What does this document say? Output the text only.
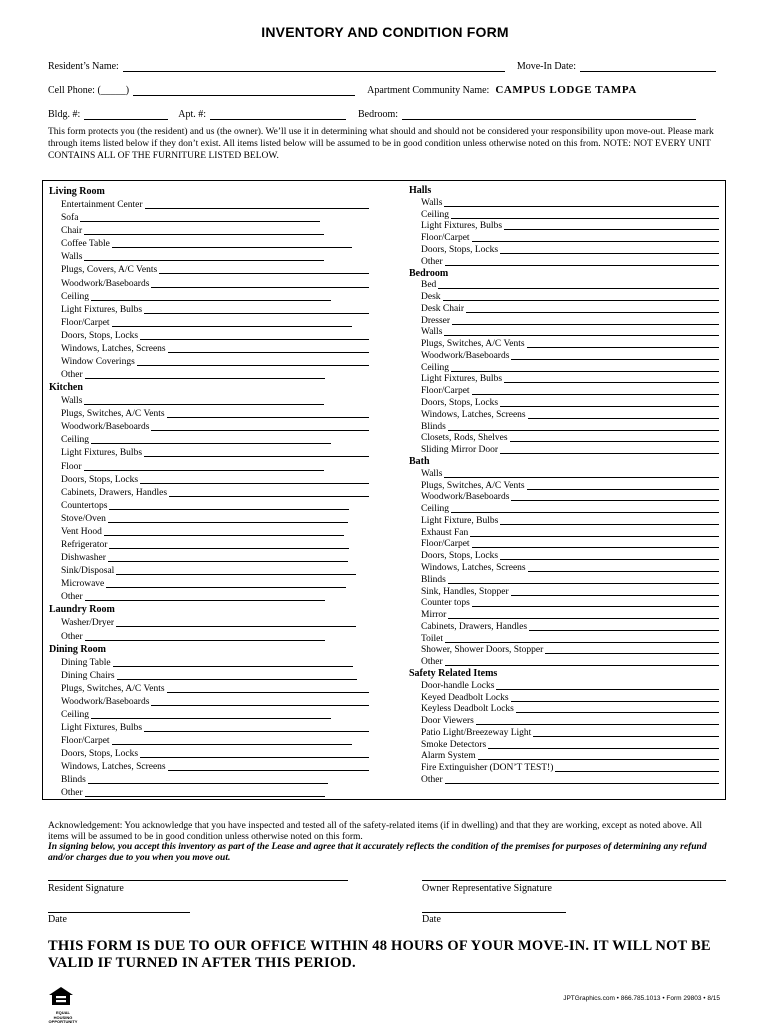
INVENTORY AND CONDITION FORM
Resident’s Name:	Move-In Date:
Cell Phone: (_____)	Apartment Community Name: CAMPUS LODGE TAMPA
Bldg. #:	Apt. #:	Bedroom:
This form protects you (the resident) and us (the owner). We’ll use it in determining what should and should not be considered your responsibility upon move-out. Please mark through items listed below if they don’t exist. All items listed below will be assumed to be in good condition unless otherwise noted on this from. NOTE: NOT EVERY UNIT CONTAINS ALL OF THE FURNITURE LISTED BELOW.
Living Room
Entertainment Center
Sofa
Chair
Coffee Table
Walls
Plugs, Covers, A/C Vents
Woodwork/Baseboards
Ceiling
Light Fixtures, Bulbs
Floor/Carpet
Doors, Stops, Locks
Windows, Latches, Screens
Window Coverings
Other
Kitchen
Walls
Plugs, Switches, A/C Vents
Woodwork/Baseboards
Ceiling
Light Fixtures, Bulbs
Floor
Doors, Stops, Locks
Cabinets, Drawers, Handles
Countertops
Stove/Oven
Vent Hood
Refrigerator
Dishwasher
Sink/Disposal
Microwave
Other
Laundry Room
Washer/Dryer
Other
Dining Room
Dining Table
Dining Chairs
Plugs, Switches, A/C Vents
Woodwork/Baseboards
Ceiling
Light Fixtures, Bulbs
Floor/Carpet
Doors, Stops, Locks
Windows, Latches, Screens
Blinds
Other
Halls
Walls
Ceiling
Light Fixtures, Bulbs
Floor/Carpet
Doors, Stops, Locks
Other
Bedroom
Bed
Desk
Desk Chair
Dresser
Walls
Plugs, Switches, A/C Vents
Woodwork/Baseboards
Ceiling
Light Fixtures, Bulbs
Floor/Carpet
Doors, Stops, Locks
Windows, Latches, Screens
Blinds
Closets, Rods, Shelves
Sliding Mirror Door
Bath
Walls
Plugs, Switches, A/C Vents
Woodwork/Baseboards
Ceiling
Light Fixture, Bulbs
Exhaust Fan
Floor/Carpet
Doors, Stops, Locks
Windows, Latches, Screens
Blinds
Sink, Handles, Stopper
Counter tops
Mirror
Cabinets, Drawers, Handles
Toilet
Shower, Shower Doors, Stopper
Other
Safety Related Items
Door-handle Locks
Keyed Deadbolt Locks
Keyless Deadbolt Locks
Door Viewers
Patio Light/Breezeway Light
Smoke Detectors
Alarm System
Fire Extinguisher (DON’T TEST!)
Other
Acknowledgement: You acknowledge that you have inspected and tested all of the safety-related items (if in dwelling) and that they are working, except as noted above. All items will be assumed to be in good condition unless otherwise noted on this form.
In signing below, you accept this inventory as part of the Lease and agree that it accurately reflects the condition of the premises for purposes of determining any refund and/or charges due to you when you move out.
Resident Signature	Owner Representative Signature
Date	Date
THIS FORM IS DUE TO OUR OFFICE WITHIN 48 HOURS OF YOUR MOVE-IN. IT WILL NOT BE VALID IF TURNED IN AFTER THIS PERIOD.
EQUAL HOUSING OPPORTUNITY
JPTGraphics.com • 866.785.1013 • Form 29803 • 8/15
